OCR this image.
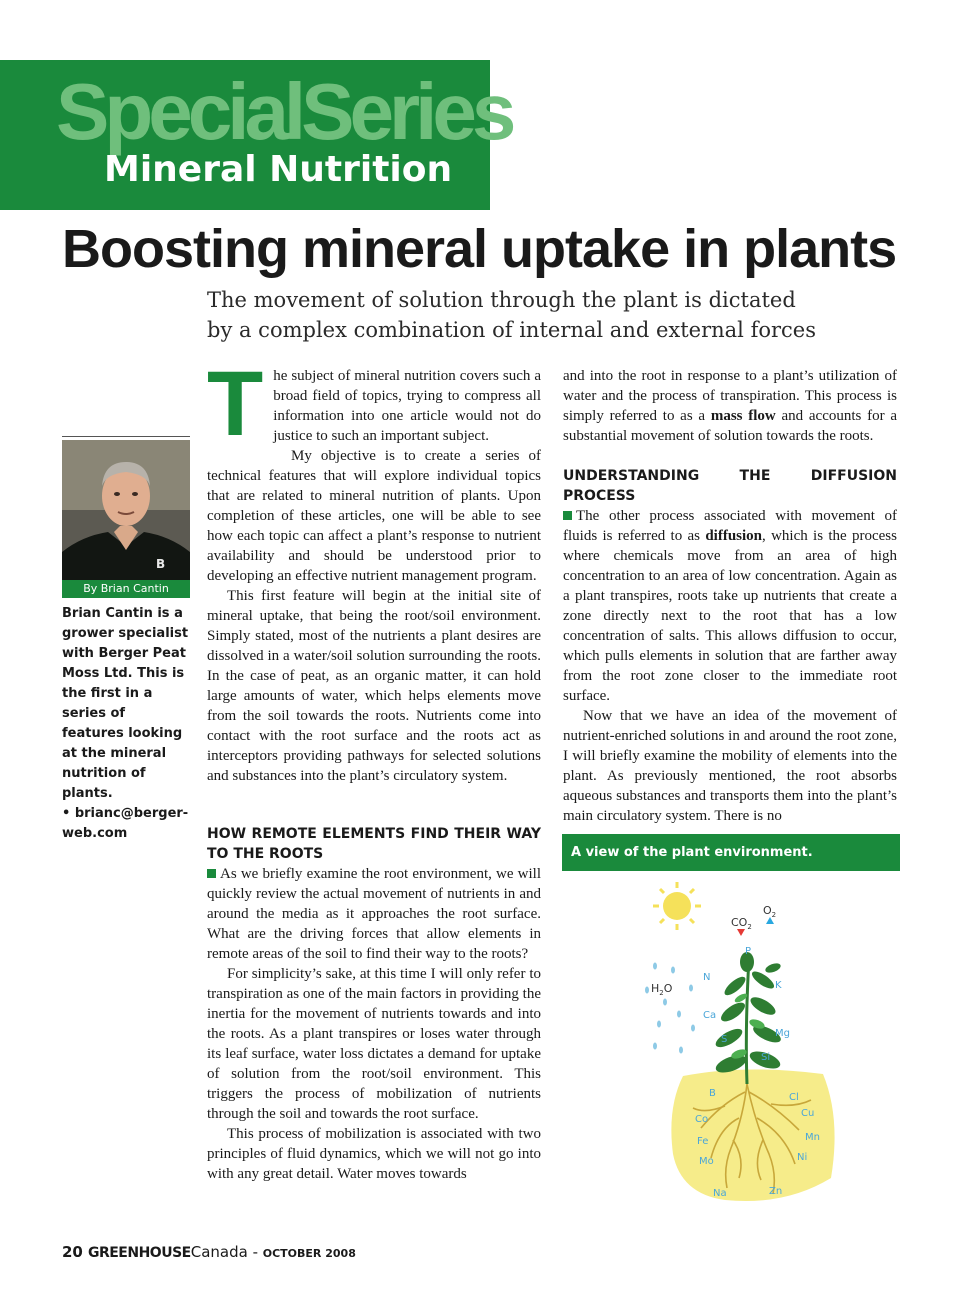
SpecialSeries
Mineral Nutrition
Boosting mineral uptake in plants
The movement of solution through the plant is dictated by a complex combination of internal and external forces
B
By Brian Cantin
Brian Cantin is a grower specialist with Berger Peat Moss Ltd. This is the first in a series of features looking at the mineral nutrition of plants.
• brianc@berger-web.com

The subject of mineral nutrition covers such a broad field of topics, trying to compress all information into one article would not do justice to such an important subject.

My objective is to create a series of technical features that will explore individual topics that are related to mineral nutrition of plants. Upon completion of these articles, one will be able to see how each topic can affect a plant’s response to nutrient availability and should be understood prior to developing an effective nutrient management program.

This first feature will begin at the initial site of mineral uptake, that being the root/soil environment. Simply stated, most of the nutrients a plant desires are dissolved in a water/soil solution surrounding the roots. In the case of peat, as an organic matter, it can hold large amounts of water, which helps elements move from the soil towards the roots. Nutrients come into contact with the root surface and the roots act as interceptors providing pathways for selected solutions and substances into the plant’s circulatory system.

HOW REMOTE ELEMENTS FIND THEIR WAY TO THE ROOTS

As we briefly examine the root environment, we will quickly review the actual movement of nutrients in and around the media as it approaches the root surface. What are the driving forces that allow elements in remote areas of the soil to find their way to the roots?

For simplicity’s sake, at this time I will only refer to transpiration as one of the main factors in providing the inertia for the movement of nutrients towards and into the roots. As a plant transpires or loses water through its leaf surface, water loss dictates a demand for uptake of solution from the root/soil environment. This triggers the process of mobilization of nutrients through the soil and towards the root surface.

This process of mobilization is associated with two principles of fluid dynamics, which we will not go into with any great detail. Water moves towards

and into the root in response to a plant’s utilization of water and the process of transpiration. This process is simply referred to as a mass flow and accounts for a substantial movement of solution towards the roots.

UNDERSTANDING THE DIFFUSION PROCESS

The other process associated with movement of fluids is referred to as diffusion, which is the process where chemicals move from an area of high concentration to an area of low concentration. Again as a plant transpires, roots take up nutrients that create a zone directly next to the root that has a low concentration of salts. This allows diffusion to occur, which pulls elements in solution that are farther away from the root zone closer to the immediate root surface.

Now that we have an idea of the movement of nutrient-enriched solutions in and around the root zone, I will briefly examine the mobility of elements into the plant. As previously mentioned, the root absorbs aqueous substances and transports them into the plant’s main circulatory system. There is no

A view of the plant environment.
$CO_2$
$O_2$
$H_2O$
P
N
K
Ca
Mg
S
Si
B	Cl
Co
Cu
Fe	Mn
Mo	Ni
Na	Zn
20 GREENHOUSECanada - OCTOBER 2008
